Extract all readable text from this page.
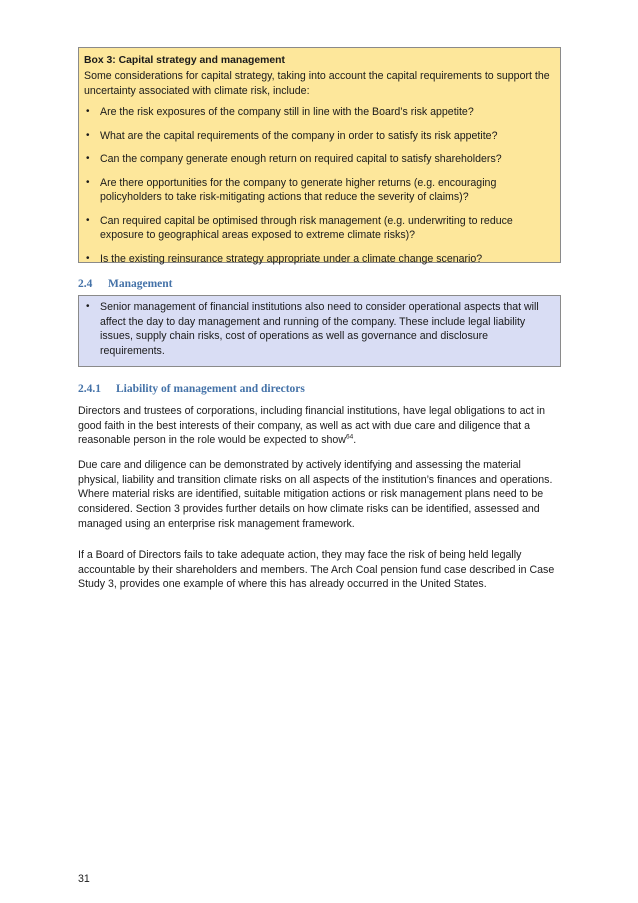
Box 3: Capital strategy and management
Some considerations for capital strategy, taking into account the capital requirements to support the uncertainty associated with climate risk, include:
• Are the risk exposures of the company still in line with the Board’s risk appetite?
• What are the capital requirements of the company in order to satisfy its risk appetite?
• Can the company generate enough return on required capital to satisfy shareholders?
• Are there opportunities for the company to generate higher returns (e.g. encouraging policyholders to take risk-mitigating actions that reduce the severity of claims)?
• Can required capital be optimised through risk management (e.g. underwriting to reduce exposure to geographical areas exposed to extreme climate risks)?
• Is the existing reinsurance strategy appropriate under a climate change scenario?
2.4 Management
• Senior management of financial institutions also need to consider operational aspects that will affect the day to day management and running of the company. These include legal liability issues, supply chain risks, cost of operations as well as governance and disclosure requirements.
2.4.1 Liability of management and directors

Directors and trustees of corporations, including financial institutions, have legal obligations to act in good faith in the best interests of their company, as well as act with due care and diligence that a reasonable person in the role would be expected to show$^{64}$.

Due care and diligence can be demonstrated by actively identifying and assessing the material physical, liability and transition climate risks on all aspects of the institution’s finances and operations. Where material risks are identified, suitable mitigation actions or risk management plans need to be considered. Section 3 provides further details on how climate risks can be identified, assessed and managed using an enterprise risk management framework.

If a Board of Directors fails to take adequate action, they may face the risk of being held legally accountable by their shareholders and members. The Arch Coal pension fund case described in Case Study 3, provides one example of where this has already occurred in the United States.

31
